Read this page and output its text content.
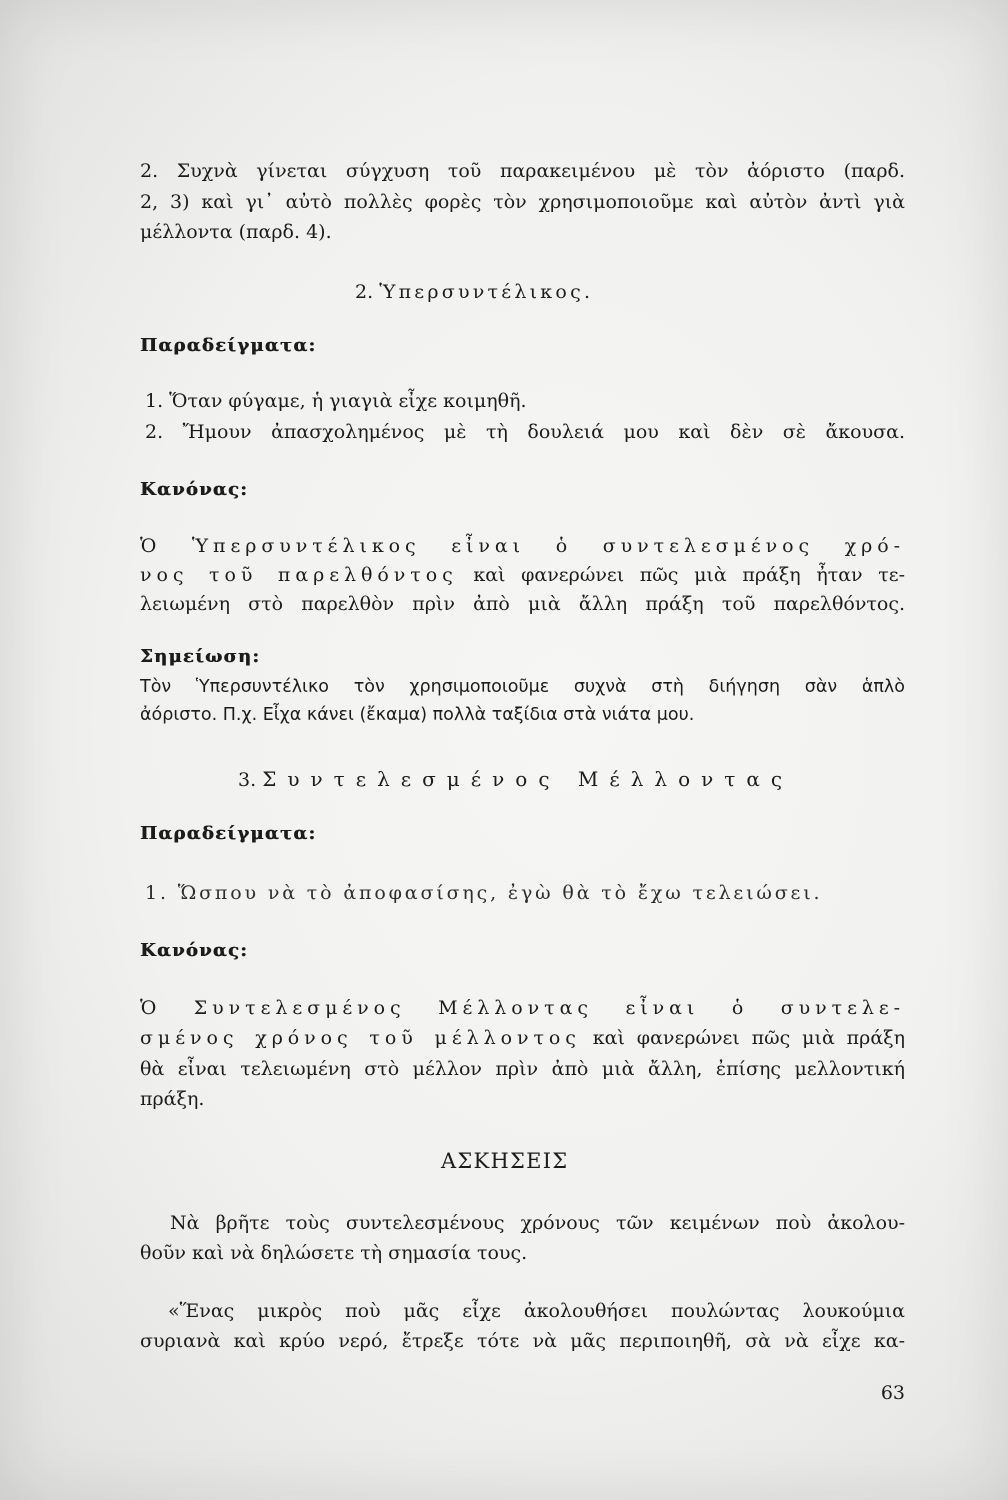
2. Συχνὰ γίνεται σύγχυση τοῦ παρακειμένου μὲ τὸν ἀόριστο (παρδ.
2, 3) καὶ γι᾿ αὐτὸ πολλὲς φορὲς τὸν χρησιμοποιοῦμε καὶ αὐτὸν ἀντὶ γιὰ
μέλλοντα (παρδ. 4).
2. Ὑπερσυντέλικος.
Παραδείγματα:
1. Ὅταν φύγαμε, ἡ γιαγιὰ εἶχε κοιμηθῆ.
2. Ἤμουν ἀπασχολημένος μὲ τὴ δουλειά μου καὶ δὲν σὲ ἄκουσα.
Κανόνας:
Ὁ Ὑπερσυντέλικος εἶναι ὁ συντελεσμένος χρό-
νος τοῦ παρελθόντος καὶ φανερώνει πῶς μιὰ πράξη ἦταν τε-
λειωμένη στὸ παρελθὸν πρὶν ἀπὸ μιὰ ἄλλη πράξη τοῦ παρελθόντος.
Σημείωση:
Τὸν Ὑπερσυντέλικο τὸν χρησιμοποιοῦμε συχνὰ στὴ διήγηση σὰν ἁπλὸ
ἀόριστο. Π.χ. Εἶχα κάνει (ἔκαμα) πολλὰ ταξίδια στὰ νιάτα μου.
3. Συντελεσμένος Μέλλοντας
Παραδείγματα:
1. Ὥσπου νὰ τὸ ἀποφασίσης, ἐγὼ θὰ τὸ ἔχω τελειώσει.
Κανόνας:
Ὁ Συντελεσμένος Μέλλοντας εἶναι ὁ συντελε-
σμένος χρόνος τοῦ μέλλοντος καὶ φανερώνει πῶς μιὰ πράξη
θὰ εἶναι τελειωμένη στὸ μέλλον πρὶν ἀπὸ μιὰ ἄλλη, ἐπίσης μελλοντική
πράξη.
ΑΣΚΗΣΕΙΣ
Νὰ βρῆτε τοὺς συντελεσμένους χρόνους τῶν κειμένων ποὺ ἀκολου-
θοῦν καὶ νὰ δηλώσετε τὴ σημασία τους.
«Ἕνας μικρὸς ποὺ μᾶς εἶχε ἀκολουθήσει πουλώντας λουκούμια
συριανὰ καὶ κρύο νερό, ἔτρεξε τότε νὰ μᾶς περιποιηθῆ, σὰ νὰ εἶχε κα-
63
